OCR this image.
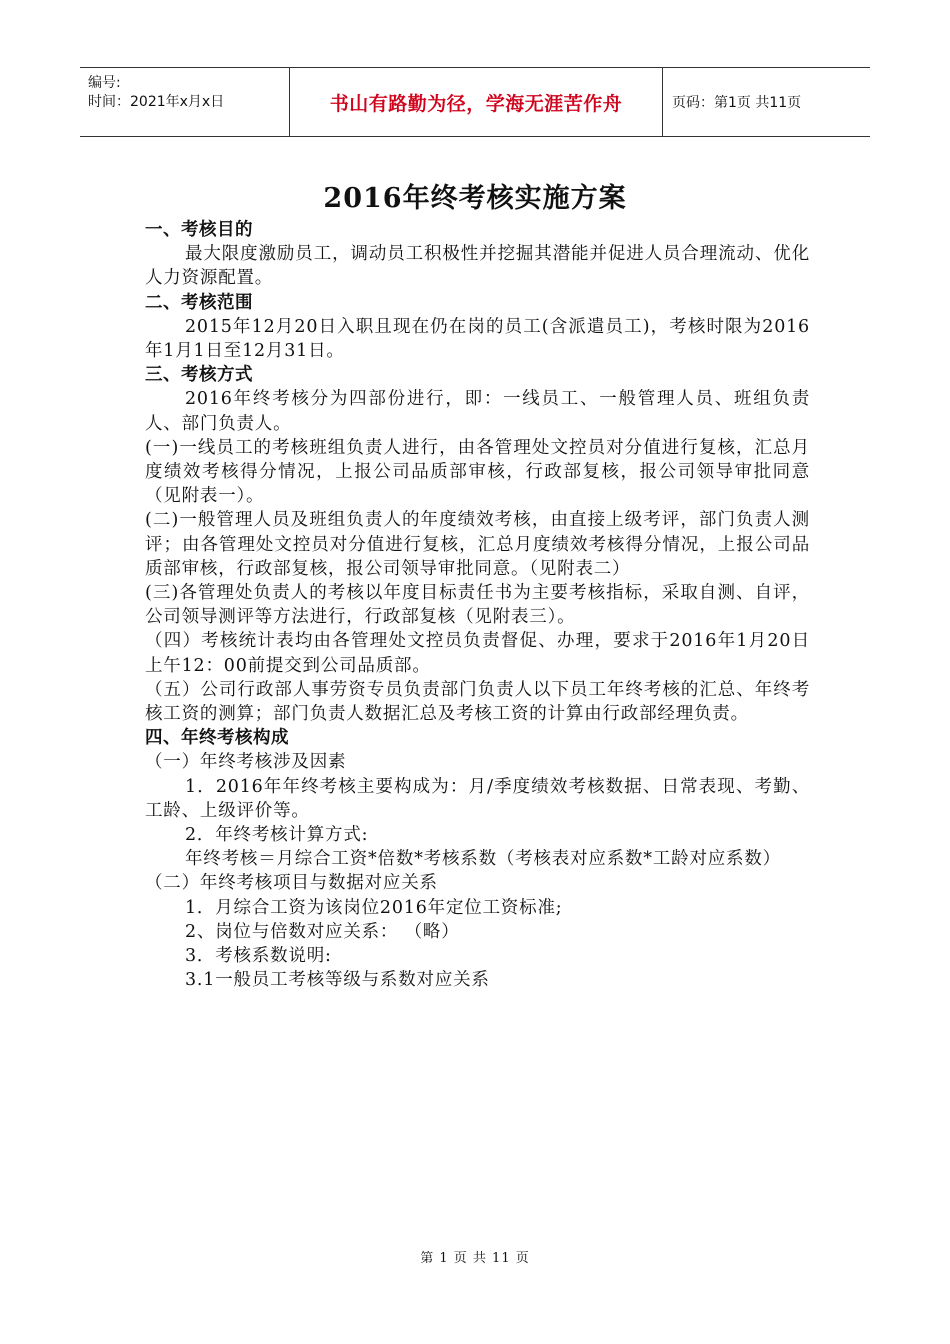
编号:
时间：2021年x月x日	书山有路勤为径，学海无涯苦作舟	页码：第1页 共11页
2016年终考核实施方案

一、考核目的

最大限度激励员工，调动员工积极性并挖掘其潜能并促进人员合理流动、优化人力资源配置。

二、考核范围

2015年12月20日入职且现在仍在岗的员工(含派遣员工)，考核时限为2016年1月1日至12月31日。

三、考核方式

2016年终考核分为四部份进行，即：一线员工、一般管理人员、班组负责人、部门负责人。

(一)一线员工的考核班组负责人进行，由各管理处文控员对分值进行复核，汇总月度绩效考核得分情况，上报公司品质部审核，行政部复核，报公司领导审批同意（见附表一）。

(二)一般管理人员及班组负责人的年度绩效考核，由直接上级考评，部门负责人测评；由各管理处文控员对分值进行复核，汇总月度绩效考核得分情况，上报公司品质部审核，行政部复核，报公司领导审批同意。（见附表二）

(三)各管理处负责人的考核以年度目标责任书为主要考核指标，采取自测、自评，公司领导测评等方法进行，行政部复核（见附表三）。

（四）考核统计表均由各管理处文控员负责督促、办理，要求于2016年1月20日上午12：00前提交到公司品质部。

（五）公司行政部人事劳资专员负责部门负责人以下员工年终考核的汇总、年终考核工资的测算；部门负责人数据汇总及考核工资的计算由行政部经理负责。

四、年终考核构成

（一）年终考核涉及因素

1．2016年年终考核主要构成为：月/季度绩效考核数据、日常表现、考勤、工龄、上级评价等。

2．年终考核计算方式:

年终考核＝月综合工资*倍数*考核系数（考核表对应系数*工龄对应系数）

（二）年终考核项目与数据对应关系

1．月综合工资为该岗位2016年定位工资标准;

2、岗位与倍数对应关系： （略）

3．考核系数说明:

3.1一般员工考核等级与系数对应关系

第 1 页 共 11 页
